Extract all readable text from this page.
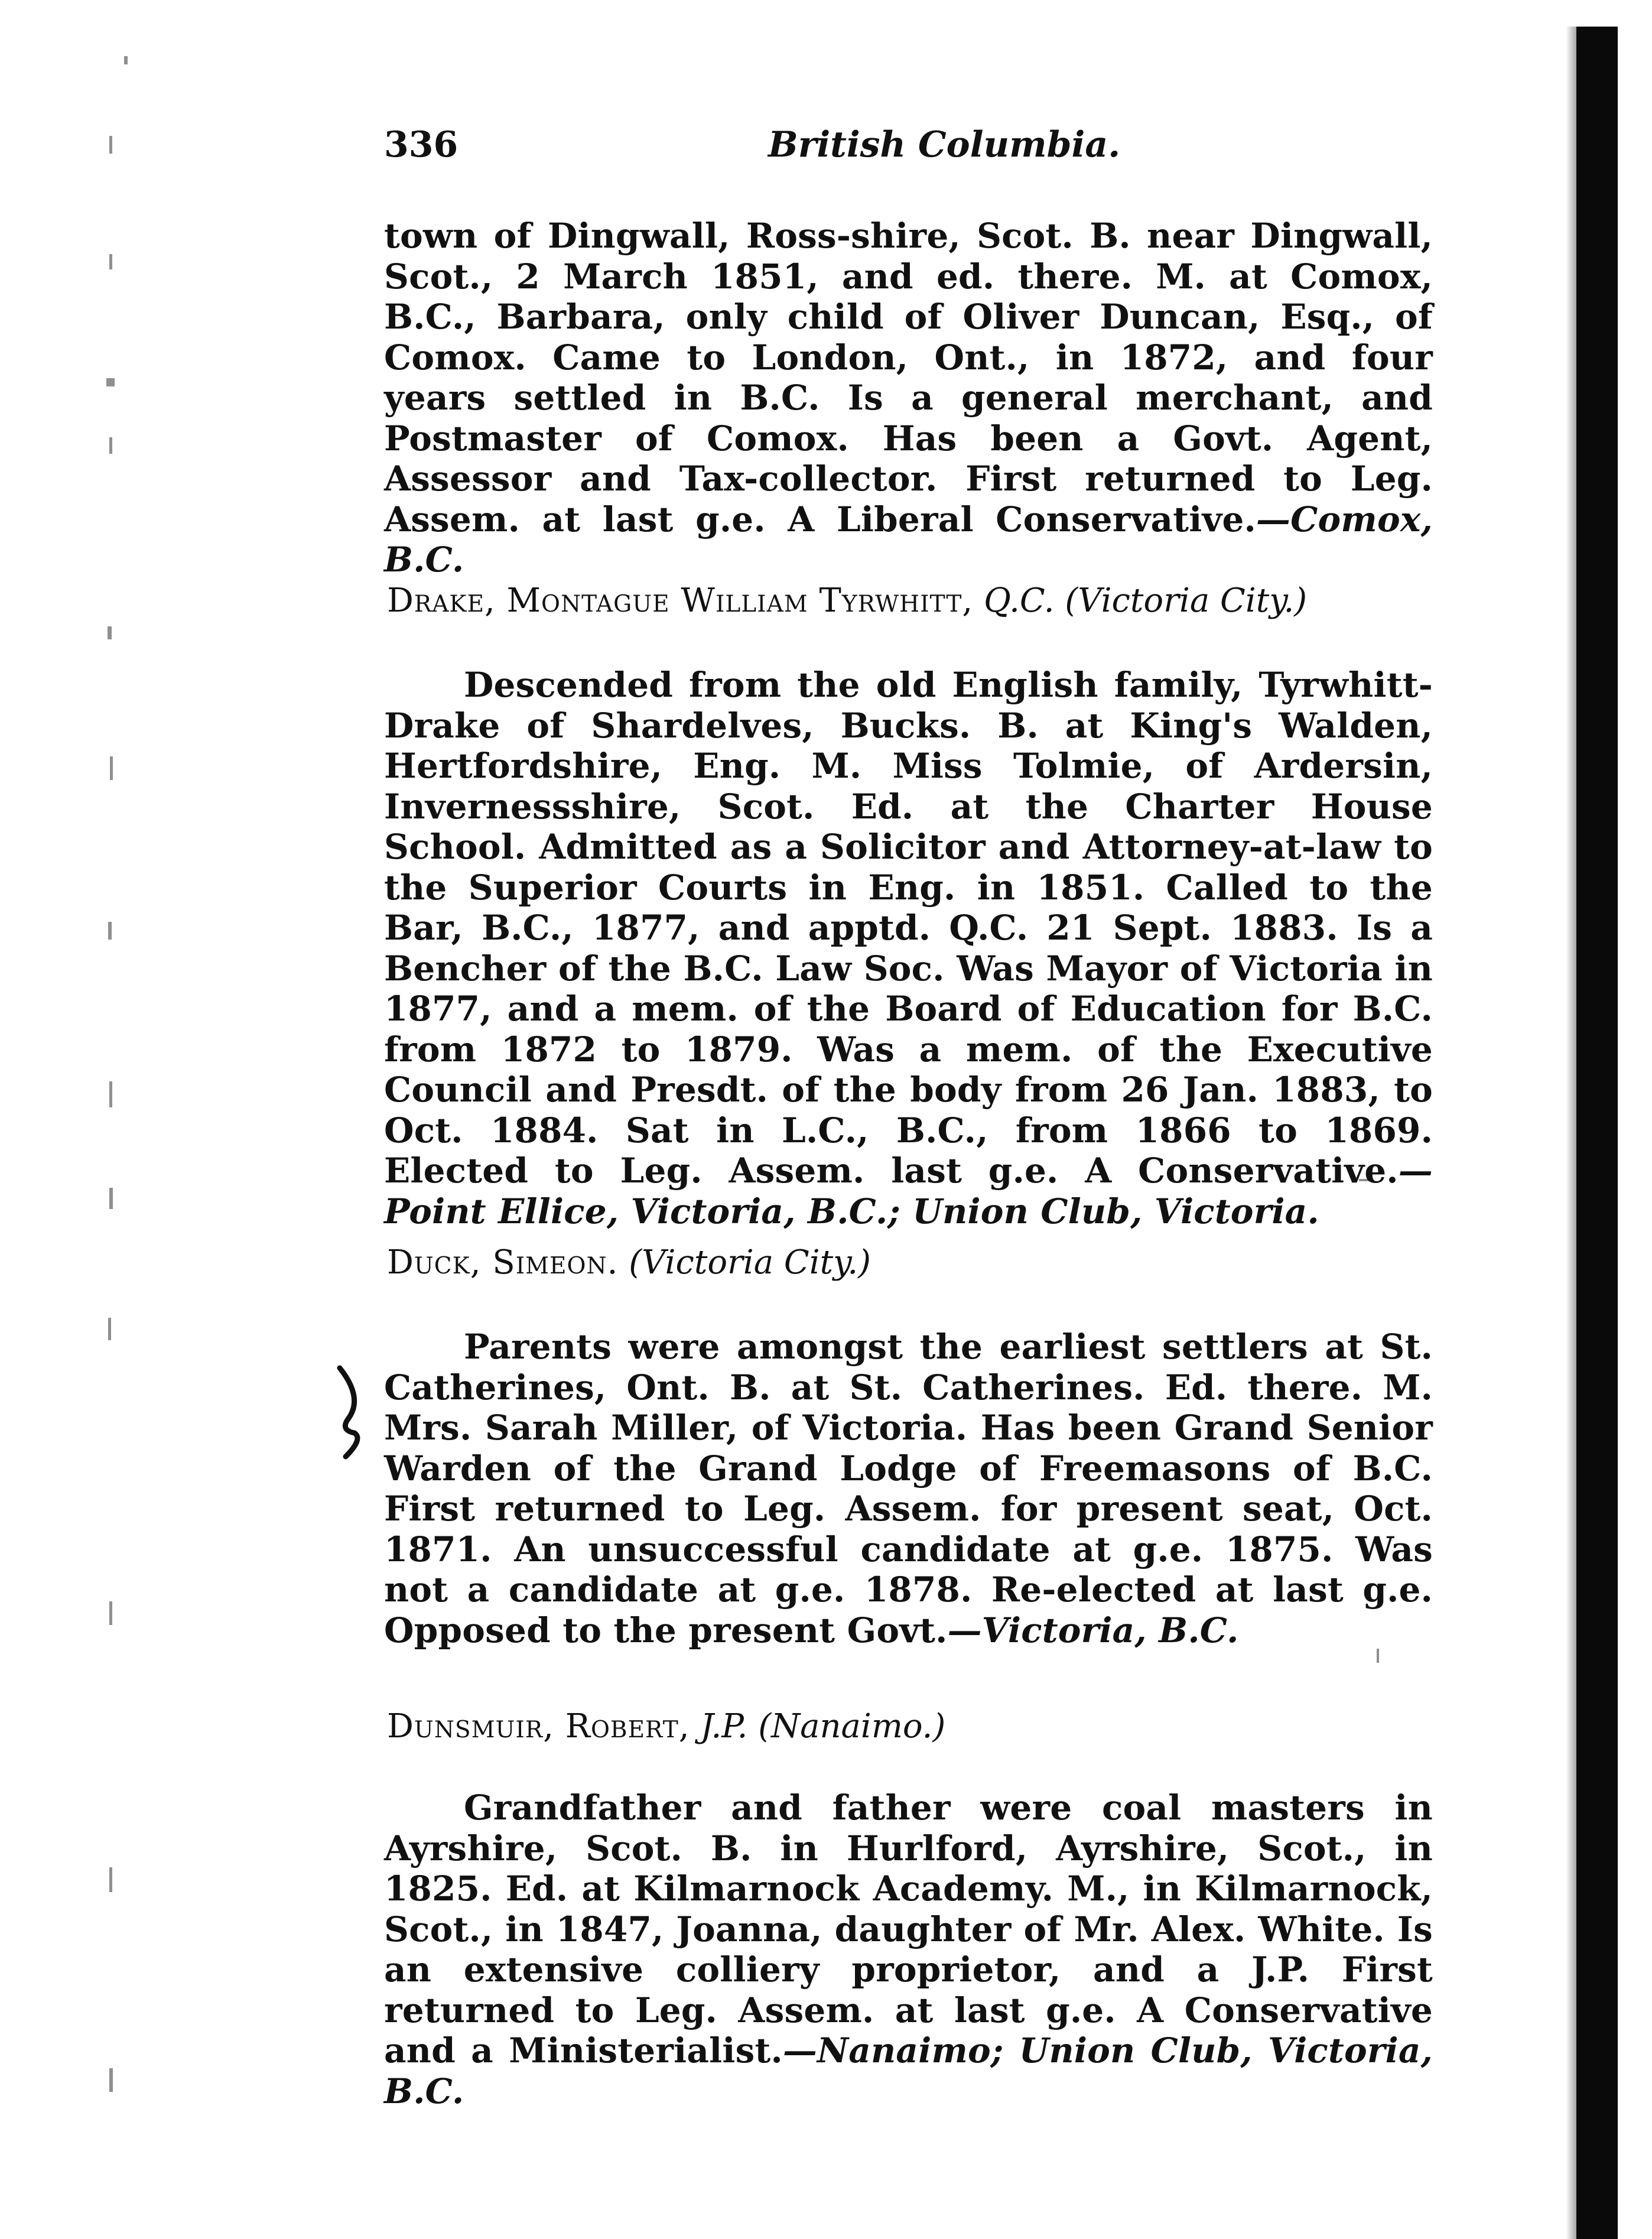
336	British Columbia.
town of Dingwall, Ross-shire, Scot. B. near Dingwall, Scot., 2 March 1851, and ed. there. M. at Comox, B.C., Barbara, only child of Oliver Duncan, Esq., of Comox. Came to London, Ont., in 1872, and four years settled in B.C. Is a general merchant, and Postmaster of Comox. Has been a Govt. Agent, Assessor and Tax-collector. First returned to Leg. Assem. at last g.e. A Liberal Conservative.—Comox, B.C.
Drake, Montague William Tyrwhitt, Q.C. (Victoria City.)
Descended from the old English family, Tyrwhitt-Drake of Shardelves, Bucks. B. at King's Walden, Hertfordshire, Eng. M. Miss Tolmie, of Ardersin, Invernessshire, Scot. Ed. at the Charter House School. Admitted as a Solicitor and Attorney-at-law to the Superior Courts in Eng. in 1851. Called to the Bar, B.C., 1877, and apptd. Q.C. 21 Sept. 1883. Is a Bencher of the B.C. Law Soc. Was Mayor of Victoria in 1877, and a mem. of the Board of Education for B.C. from 1872 to 1879. Was a mem. of the Executive Council and Presdt. of the body from 26 Jan. 1883, to Oct. 1884. Sat in L.C., B.C., from 1866 to 1869. Elected to Leg. Assem. last g.e. A Conservative.—Point Ellice, Victoria, B.C.; Union Club, Victoria.
Duck, Simeon. (Victoria City.)
Parents were amongst the earliest settlers at St. Catherines, Ont. B. at St. Catherines. Ed. there. M. Mrs. Sarah Miller, of Victoria. Has been Grand Senior Warden of the Grand Lodge of Freemasons of B.C. First returned to Leg. Assem. for present seat, Oct. 1871. An unsuccessful candidate at g.e. 1875. Was not a candidate at g.e. 1878. Re-elected at last g.e. Opposed to the present Govt.—Victoria, B.C.
Dunsmuir, Robert, J.P. (Nanaimo.)
Grandfather and father were coal masters in Ayrshire, Scot. B. in Hurlford, Ayrshire, Scot., in 1825. Ed. at Kilmarnock Academy. M., in Kilmarnock, Scot., in 1847, Joanna, daughter of Mr. Alex. White. Is an extensive colliery proprietor, and a J.P. First returned to Leg. Assem. at last g.e. A Conservative and a Ministerialist.—Nanaimo; Union Club, Victoria, B.C.
